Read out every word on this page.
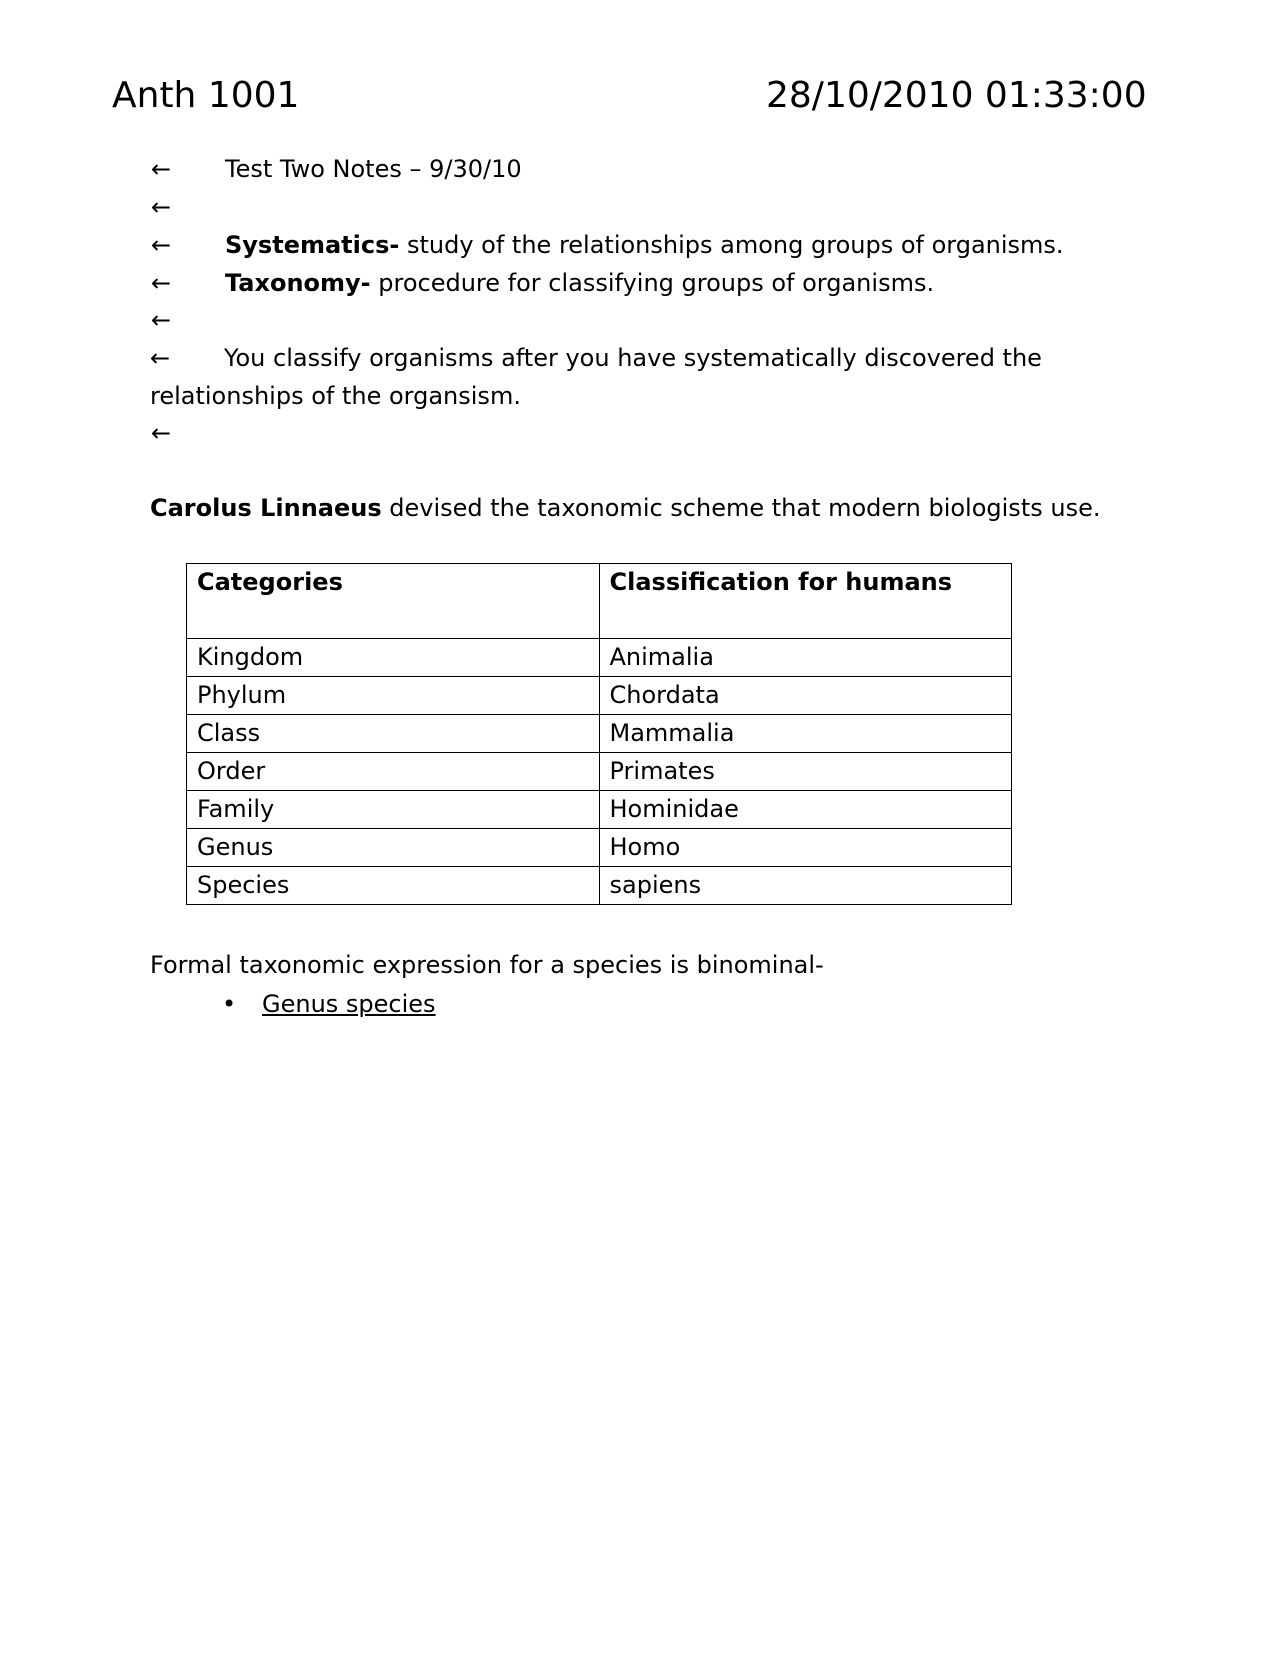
Anth 1001	28/10/2010 01:33:00
← Test Two Notes – 9/30/10
←
← Systematics- study of the relationships among groups of organisms.
← Taxonomy- procedure for classifying groups of organisms.
←
← You classify organisms after you have systematically discovered the relationships of the organsism.
←
Carolus Linnaeus devised the taxonomic scheme that modern biologists use.
Categories	Classification for humans
Kingdom	Animalia
Phylum	Chordata
Class	Mammalia
Order	Primates
Family	Hominidae
Genus	Homo
Species	sapiens
Formal taxonomic expression for a species is binominal-
• Genus species
